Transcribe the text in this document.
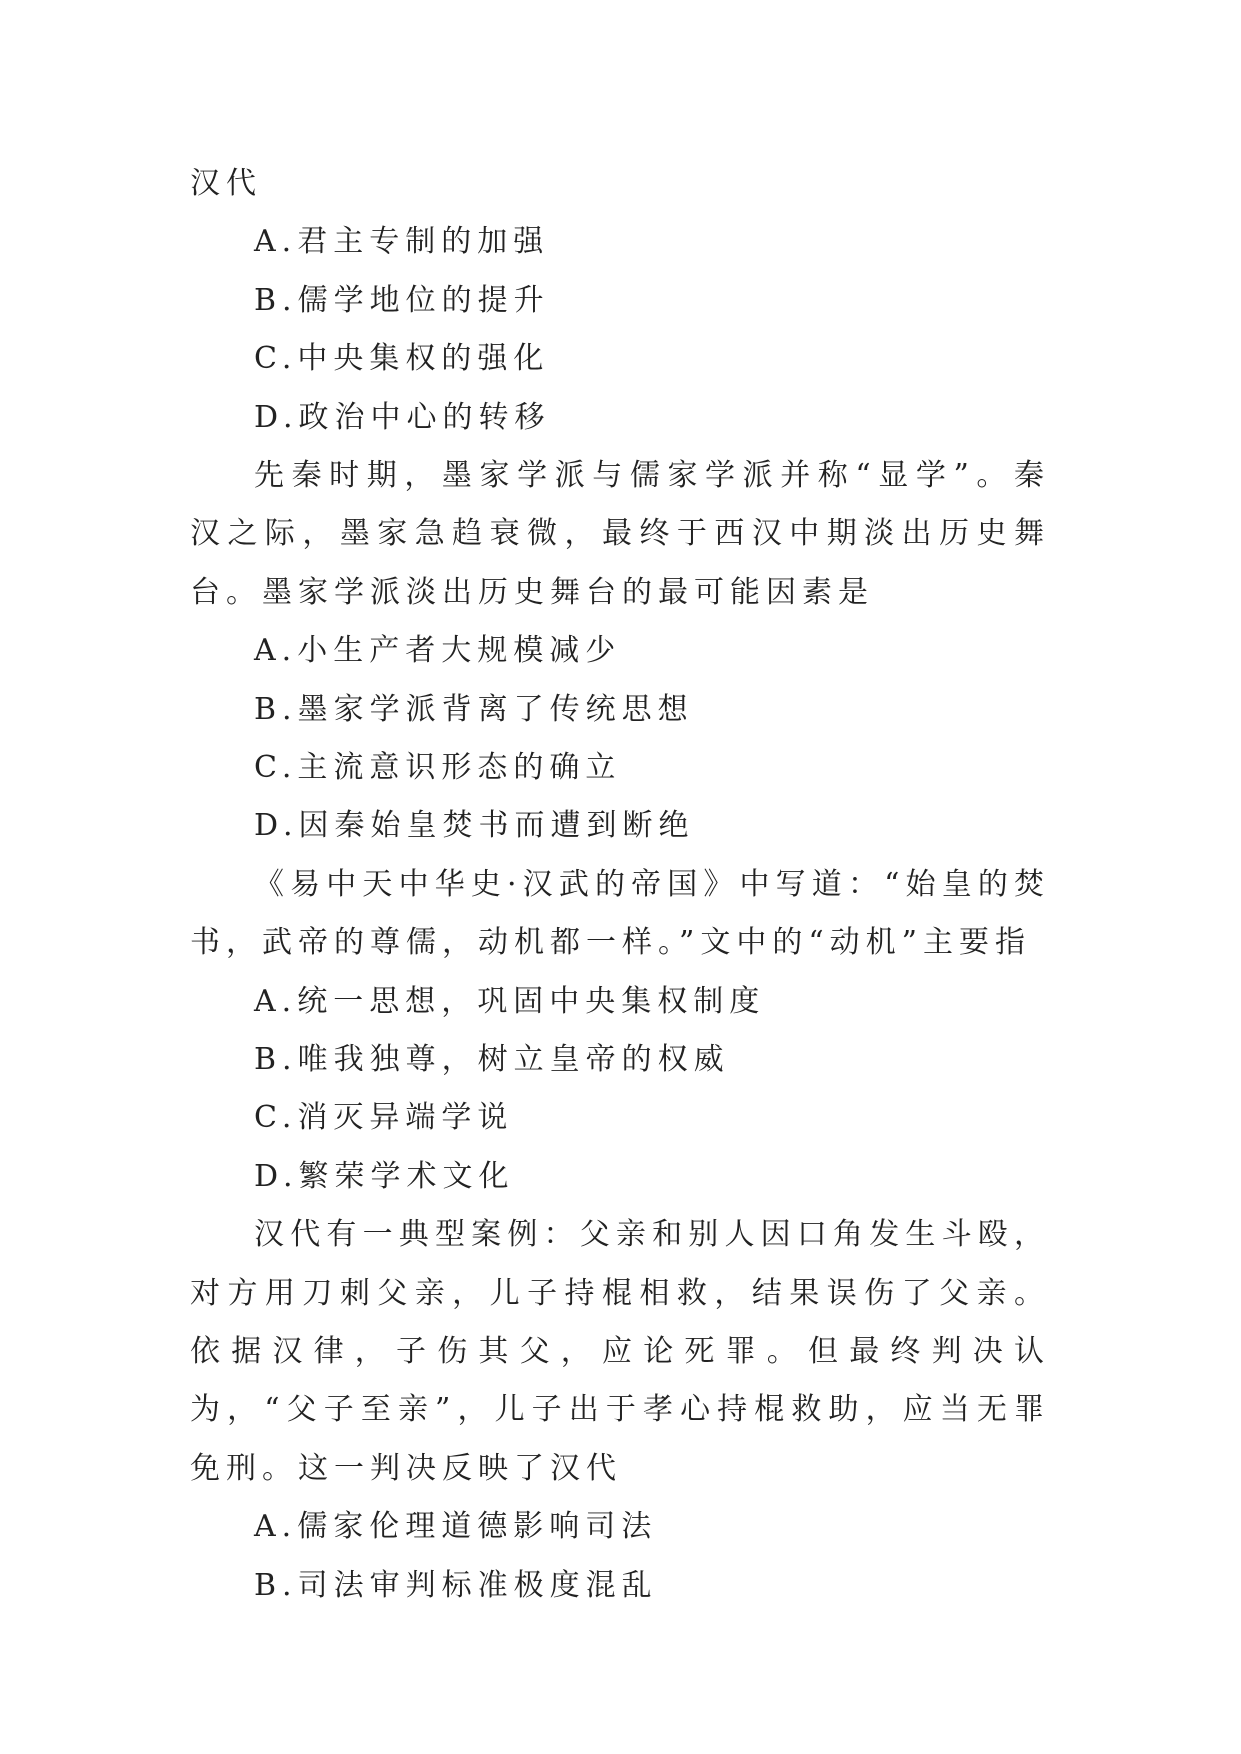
汉代
A.君主专制的加强
B.儒学地位的提升
C.中央集权的强化
D.政治中心的转移

先秦时期，墨家学派与儒家学派并称“显学”。秦汉之际，墨家急趋衰微，最终于西汉中期淡出历史舞台。墨家学派淡出历史舞台的最可能因素是

A.小生产者大规模减少
B.墨家学派背离了传统思想
C.主流意识形态的确立
D.因秦始皇焚书而遭到断绝

《易中天中华史·汉武的帝国》中写道：“始皇的焚书，武帝的尊儒，动机都一样。”文中的“动机”主要指

A.统一思想，巩固中央集权制度
B.唯我独尊，树立皇帝的权威
C.消灭异端学说
D.繁荣学术文化

汉代有一典型案例：父亲和别人因口角发生斗殴，对方用刀刺父亲，儿子持棍相救，结果误伤了父亲。依据汉律，子伤其父，应论死罪。但最终判决认为，“父子至亲”，儿子出于孝心持棍救助，应当无罪免刑。这一判决反映了汉代

A.儒家伦理道德影响司法
B.司法审判标准极度混乱
